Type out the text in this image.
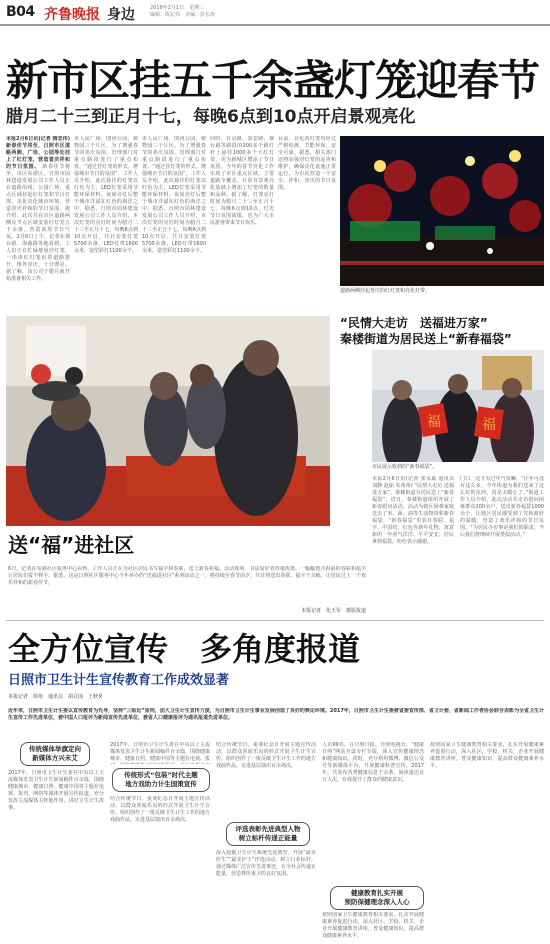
B04 齐鲁晚报 身边	2018年2月1日　星期三
编辑：陈宏伟　美编：彭长涛
新市区挂五千余盏灯笼迎春节
腊月二十三到正月十七，每晚6点到10点开启景观亮化
本报2月6日讯(记者 隋忠伟) 新春佳节将至，日照市区道路两侧、广场、公园等处挂上了红灯笼，营造喜庆祥和的节日氛围。 新春佳节将至，市区东港区、日照市园林建设发展公司工作人员正在道路沿线、公园广场、重点区域挂起红灯笼和节日灯饰，美化亮化城市环境，营造喜庆祥和的节日氛围。据介绍，此次共在市区道路两侧及节点区域安装红灯笼五千余盏，营造浓厚节日气氛。2月6日上午，记者在烟台路、海曲路等地看到，工人们正在忙碌地悬挂灯笼，一串串红灯笼沿着道路排开，格外喜庆，十分漂亮。据了解，该公司于腊月就开始准备相关工作。
市人民广场、图河公园、植物园三个片区。为了增强春节的喜庆氛围，管理部门对重点路段进行了重点布置。“通过挂灯笼的形式，增强城市节日的氛围”，工作人员介绍，此次悬挂的灯笼以红色为主，LED灯笼采用节能环保材料，夜间亮灯后整个城市洋溢在红色的海洋之中。据悉，日照市园林建设发展公司工作人员介绍，本次灯笼的亮灯时间为腊月二十三至正月十七，每晚6点到10点开启，共计安装灯笼5700余盏，LED灯带1600余米，造型彩灯1100余个。
市人民广场、图河公园、植物园三个片区。为了增强春节的喜庆氛围，管理部门对重点路段进行了重点布置。“通过挂灯笼的形式，增强城市节日的氛围”，工作人员介绍，此次悬挂的灯笼以红色为主，LED灯笼采用节能环保材料，夜间亮灯后整个城市洋溢在红色的海洋之中。据悉，日照市园林建设发展公司工作人员介绍，本次灯笼的亮灯时间为腊月二十三至正月十七，每晚6点到10点开启，共计安装灯笼5700余盏，LED灯带1600余米，造型彩灯1100余个。
同时，在京路、泰安路、烟台路等路段的200多个路灯杆上悬挂1000多个大红灯笼，更为新城区增添了节日氛围。今年的春节亮化工作实现了市区重点区域、主要道路全覆盖，在原有景观亮化基础上增加了灯笼的数量和品种。据了解，灯笼亮灯时间为腊月二十三至正月十七，每晚6点到10点，灯光节日氛围浓郁，也为广大市民游客带来节日欢乐。
目前，亮化的灯笼均经过严格检测，节能环保，安全可靠。据悉，相关部门还将加强对灯笼的巡查和维护，确保亮化设施正常运行，为市民营造一个安全、祥和、喜庆的节日氛围。
道路两侧挂起喜庆的红灯笼和亮化灯带。
“民情大走访　送福进万家”
秦楼街道为居民送上“新春福袋”
福	福
市民展示收到的“新春福袋”。
本报2月6日讯(记者 张永斌 通讯员 刘静 赵丽 朱蒂蒂) “民情大走访 送福进万家”，秦楼街道为居民送上“新春福袋”。近日，秦楼街道组织开展了新春慰问活动，活动为辖区困难家庭送去了米、面、油等生活物资和新春福袋。“新春福袋”里装有春联、福字、中国结、红包等新年礼物，寓意新的一年喜气洋洋、平平安安。居民拿到福袋，纷纷表示感谢。
门口，这才有过年气氛嘛。“往年可没有这么多，今年街道为我们送来了这么好的东西，真是太暖心了。”街道工作人员介绍，此次活动共走访慰问困难群众200余户，送出新春福袋1000余个，让辖区居民感受到了党和政府的温暖，营造了欢乐祥和的节日氛围。“为居民办实事是我们的职责，今后我们将继续开展类似活动。”
送“福”进社区
6日，记者在东港社区服务中心看到，工作人员正在为社区居民书写福字和春联，送上新春祝福。活动现场，书法爱好者挥毫泼墨，一幅幅饱含祝福的春联和福字让居民们爱不释手。据悉，这是日照社区服务中心今年举办的“送福进社区”系列活动之一，将持续至春节前夕，共计将送出春联、福字千余幅，让居民过上一个欢乐祥和的新春佳节。
本报记者　化玉军　摄影报道
全方位宣传　多角度报道
日照市卫生计生宣传教育工作成效显著
本报记者　徐艳　通讯员　胡召国　王秋茗
近年来，日照市卫生计生委以宣传教育为先导，坚持“三贴近”原则，加大卫生计生宣传力度，为日照市卫生计生事业发展创造了良好的舆论环境。2017年，日照市卫生计生委被省委宣传部、省卫计委、省新闻工作者协会联合表彰为全省卫生计生宣传工作先进单位，被中国人口报评为新闻宣传先进单位，被省人口健康报评为通讯报道先进单位。
传统媒体举旗定向
新媒体方兴未艾
2017年，日照市卫生计生委在中央以上主流媒体发表卫生计生新闻稿件百余篇，围绕健康城市、健康日照、健康中国等主题在电视、报刊、网络等媒体开展宣传报道。充分发挥主流媒体主阵地作用，讲好卫生计生故事。
2017年，日照市卫生计生委在中央以上主流媒体发表卫生计生新闻稿件百余篇，围绕健康城市、健康日照、健康中国等主题在电视、报
传统形式“包装”时代主题
地方戏助力计生国策宣传
结合传统节日、重要纪念日开展主题宣传活动，以群众喜闻乐见的形式开展卫生计生宣传。组织创作了一批反映卫生计生工作的地方戏曲作品，走进基层演出百余场次。
结合传统节日、重要纪念日开展主题宣传活动，以群众喜闻乐见的形式开展卫生计生宣传。组织创作了一批反映卫生计生工作的地方戏曲作品，走进基层演出百余场次。
评选表彰先进典型人物
树立标杆传递正能量
深入挖掘卫生计生系统先进典型，开展“最美医生”“最美护士”评选活动，树立行业标杆。通过媒体广泛宣传先进事迹，在全社会传递正能量，营造尊医重卫的良好氛围。
人员99名，在日照日报、日照电视台、“健康日照”网站开设专栏专版，深入宣传健康理念和健康知识。同时，充分利用微博、微信公众号等新媒体平台，开展健康科普宣传。2017年，共发布各类健康信息千余条，阅读量达百万人次，有效提升了群众的健康意识。
健康教育扎实开展
预防保健理念深入人心
按照国家卫生健康教育相关要求，扎实开展健康素养促进行动，深入社区、学校、机关、企业开展健康教育讲座，普及健康知识，提高群众健康素养水平。
按照国家卫生健康教育相关要求，扎实开展健康素养促进行动，深入社区、学校、机关、企业开展健康教育讲座，普及健康知识，提高群众健康素养水平。
